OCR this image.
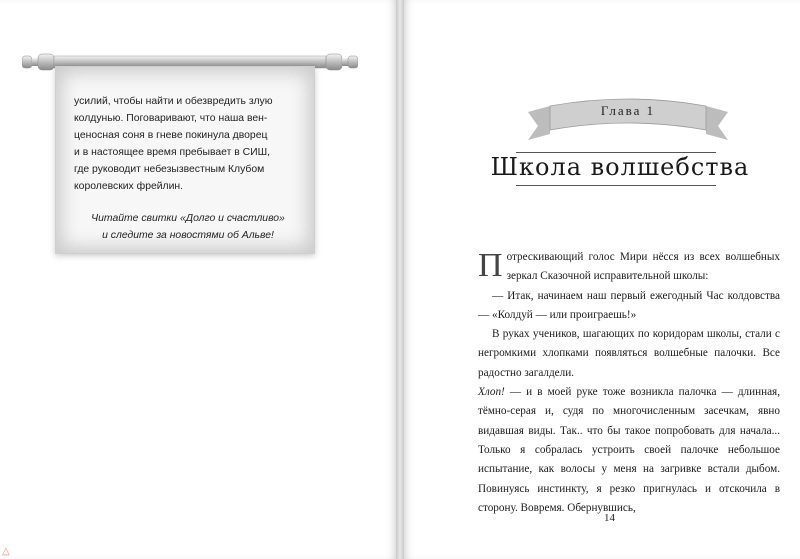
усилий, чтобы найти и обезвредить злую

колдунью. Поговаривают, что наша вен-

ценосная соня в гневе покинула дворец

и в настоящее время пребывает в СИШ,

где руководит небезызвестным Клубом

королевских фрейлин.

Читайте свитки «Долго и счастливо»

и следите за новостями об Альве!

Глава 1
Школа волшебства

Потрескивающий голос Мири нёсся из всех волшебных зеркал Сказочной исправительной школы:

— Итак, начинаем наш первый ежегодный Час колдовства — «Колдуй — или проиграешь!»

В руках учеников, шагающих по коридорам школы, стали с негромкими хлопками появляться волшебные палочки. Все радостно загалдели.

Хлоп! — и в моей руке тоже возникла палочка — длинная, тёмно-серая и, судя по многочисленным засечкам, явно видавшая виды. Так.. что бы такое попробовать для начала... Только я собралась устроить своей палочке небольшое испытание, как волосы у меня на загривке встали дыбом. Повинуясь инстинкту, я резко пригнулась и отскочила в сторону. Вовремя. Обернувшись,

14
△
